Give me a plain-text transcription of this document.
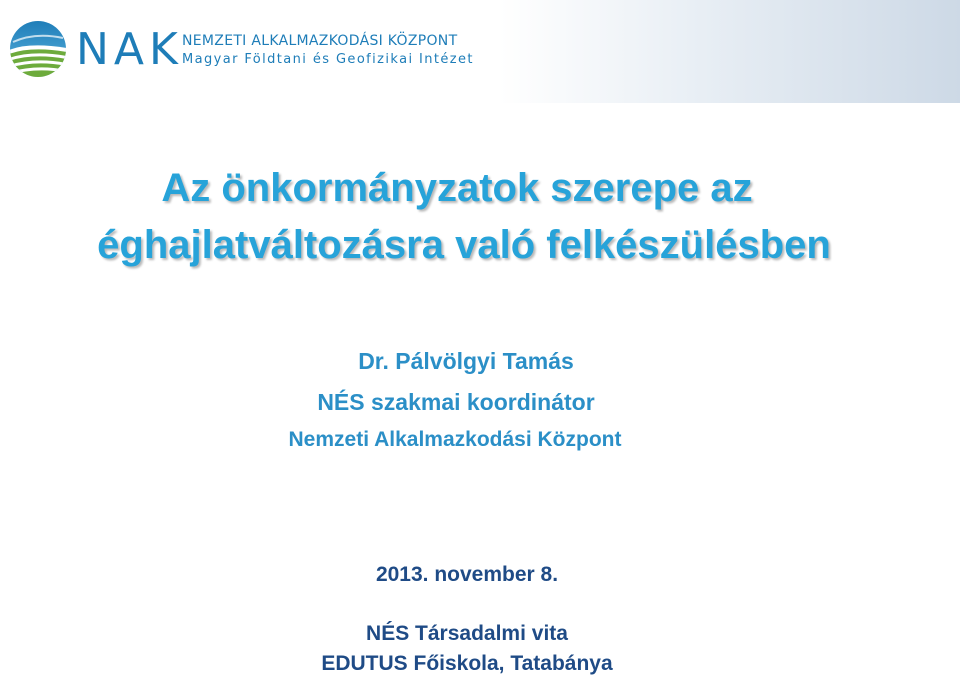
NAK NEMZETI ALKALMAZKODÁSI KÖZPONT
Magyar Földtani és Geofizikai Intézet
Az önkormányzatok szerepe az
éghajlatváltozásra való felkészülésben
Dr. Pálvölgyi Tamás
NÉS szakmai koordinátor
Nemzeti Alkalmazkodási Központ
2013. november 8.
NÉS Társadalmi vita
EDUTUS Főiskola, Tatabánya
